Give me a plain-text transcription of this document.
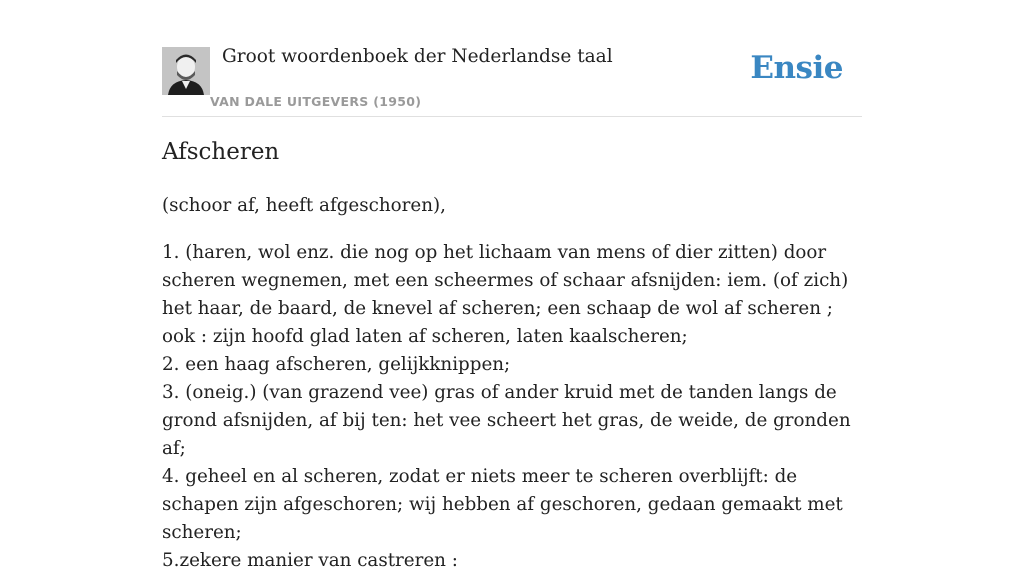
Groot woordenboek der Nederlandse taal
VAN DALE UITGEVERS (1950)
Ensie
Afscheren

(schoor af, heeft afgeschoren),

1. (haren, wol enz. die nog op het lichaam van mens of dier zitten) door scheren wegnemen, met een scheermes of schaar afsnijden: iem. (of zich) het haar, de baard, de knevel af scheren; een schaap de wol af scheren ; ook : zijn hoofd glad laten af scheren, laten kaalscheren;

2. een haag afscheren, gelijkknippen;

3. (oneig.) (van grazend vee) gras of ander kruid met de tanden langs de grond afsnijden, af bij ten: het vee scheert het gras, de weide, de gronden af;

4. geheel en al scheren, zodat er niets meer te scheren overblijft: de schapen zijn afgeschoren; wij hebben af geschoren, gedaan gemaakt met scheren;

5.zekere manier van castreren :
